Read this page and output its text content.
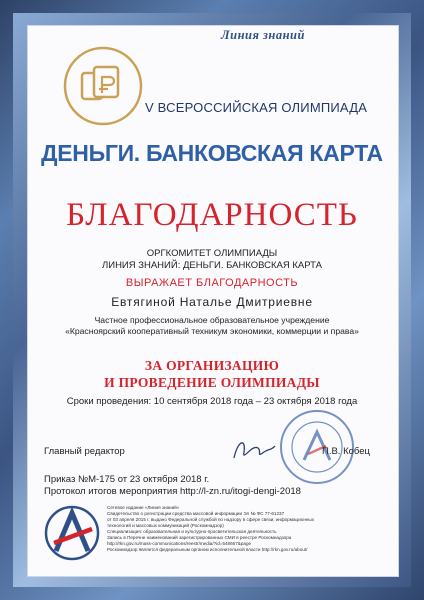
Линия знаний
V ВСЕРОССИЙСКАЯ ОЛИМПИАДА
ДЕНЬГИ. БАНКОВСКАЯ КАРТА
БЛАГОДАРНОСТЬ
ОРГКОМИТЕТ ОЛИМПИАДЫ
ЛИНИЯ ЗНАНИЙ: ДЕНЬГИ. БАНКОВСКАЯ КАРТА
ВЫРАЖАЕТ БЛАГОДАРНОСТЬ
Евтягиной Наталье Дмитриевне
Частное профессиональное образовательное учреждение
«Красноярский кооперативный техникум экономики, коммерции и права»
ЗА ОРГАНИЗАЦИЮ
И ПРОВЕДЕНИЕ ОЛИМПИАДЫ
Сроки проведения: 10 сентября 2018 года – 23 октября 2018 года
Главный редактор	П.В. Кобец
Приказ №М-175 от 23 октября 2018 г.
Протокол итогов мероприятия http://l-zn.ru/itogi-dengi-2018
Сетевое издание «Линия знаний»
Свидетельство о регистрации средства массовой информации Эл № ФС 77-61237
от 03 апреля 2015 г. выдано Федеральной службой по надзору в сфере связи, информационных
технологий и массовых коммуникаций (Роскомнадзор)
Специализация: образовательная и культурно-просветительская деятельность
Запись в Перечне наименований зарегистрированных СМИ в реестре Роскомнадзора
http://rkn.gov.ru/mass-communications/reestr/media/?id=548667&page
Роскомнадзор является федеральным органом исполнительной власти http://rkn.gov.ru/about/
